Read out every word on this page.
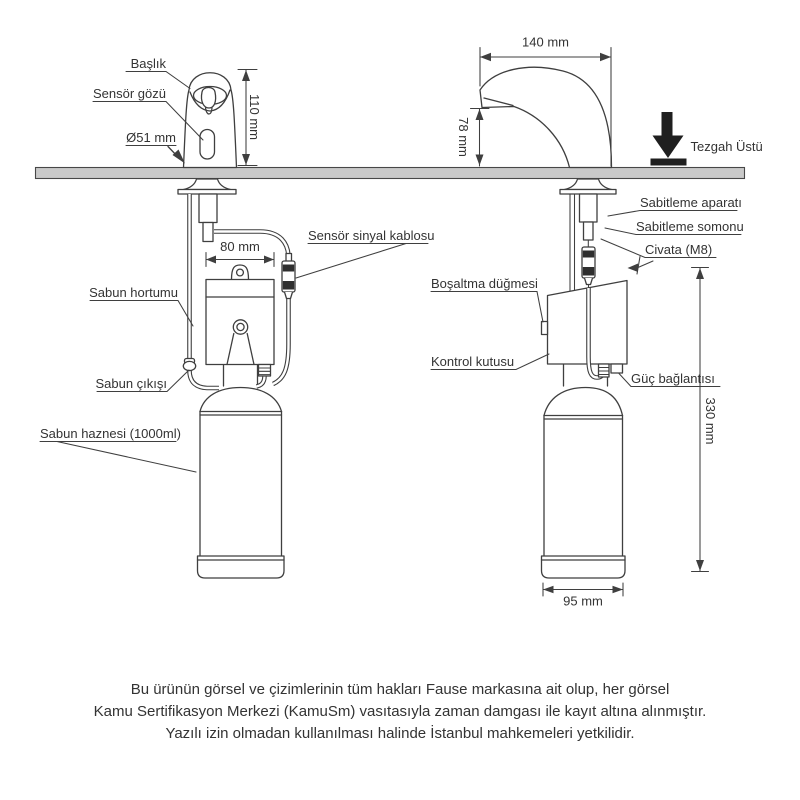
110 mm
80 mm
Başlık
Sensör gözü
Ø51 mm
Sabun hortumu
Sabun çıkışı
Sabun haznesi (1000ml)
Sensör sinyal kablosu
140 mm
78 mm	Tezgah Üstü
330 mm
95 mm
Sabitleme aparatı
Sabitleme somonu
Civata (M8)
Boşaltma düğmesi
Kontrol kutusu
Güç bağlantısı

Bu ürünün görsel ve çizimlerinin tüm hakları Fause markasına ait olup, her görsel

Kamu Sertifikasyon Merkezi (KamuSm) vasıtasıyla zaman damgası ile kayıt altına alınmıştır.

Yazılı izin olmadan kullanılması halinde İstanbul mahkemeleri yetkilidir.
